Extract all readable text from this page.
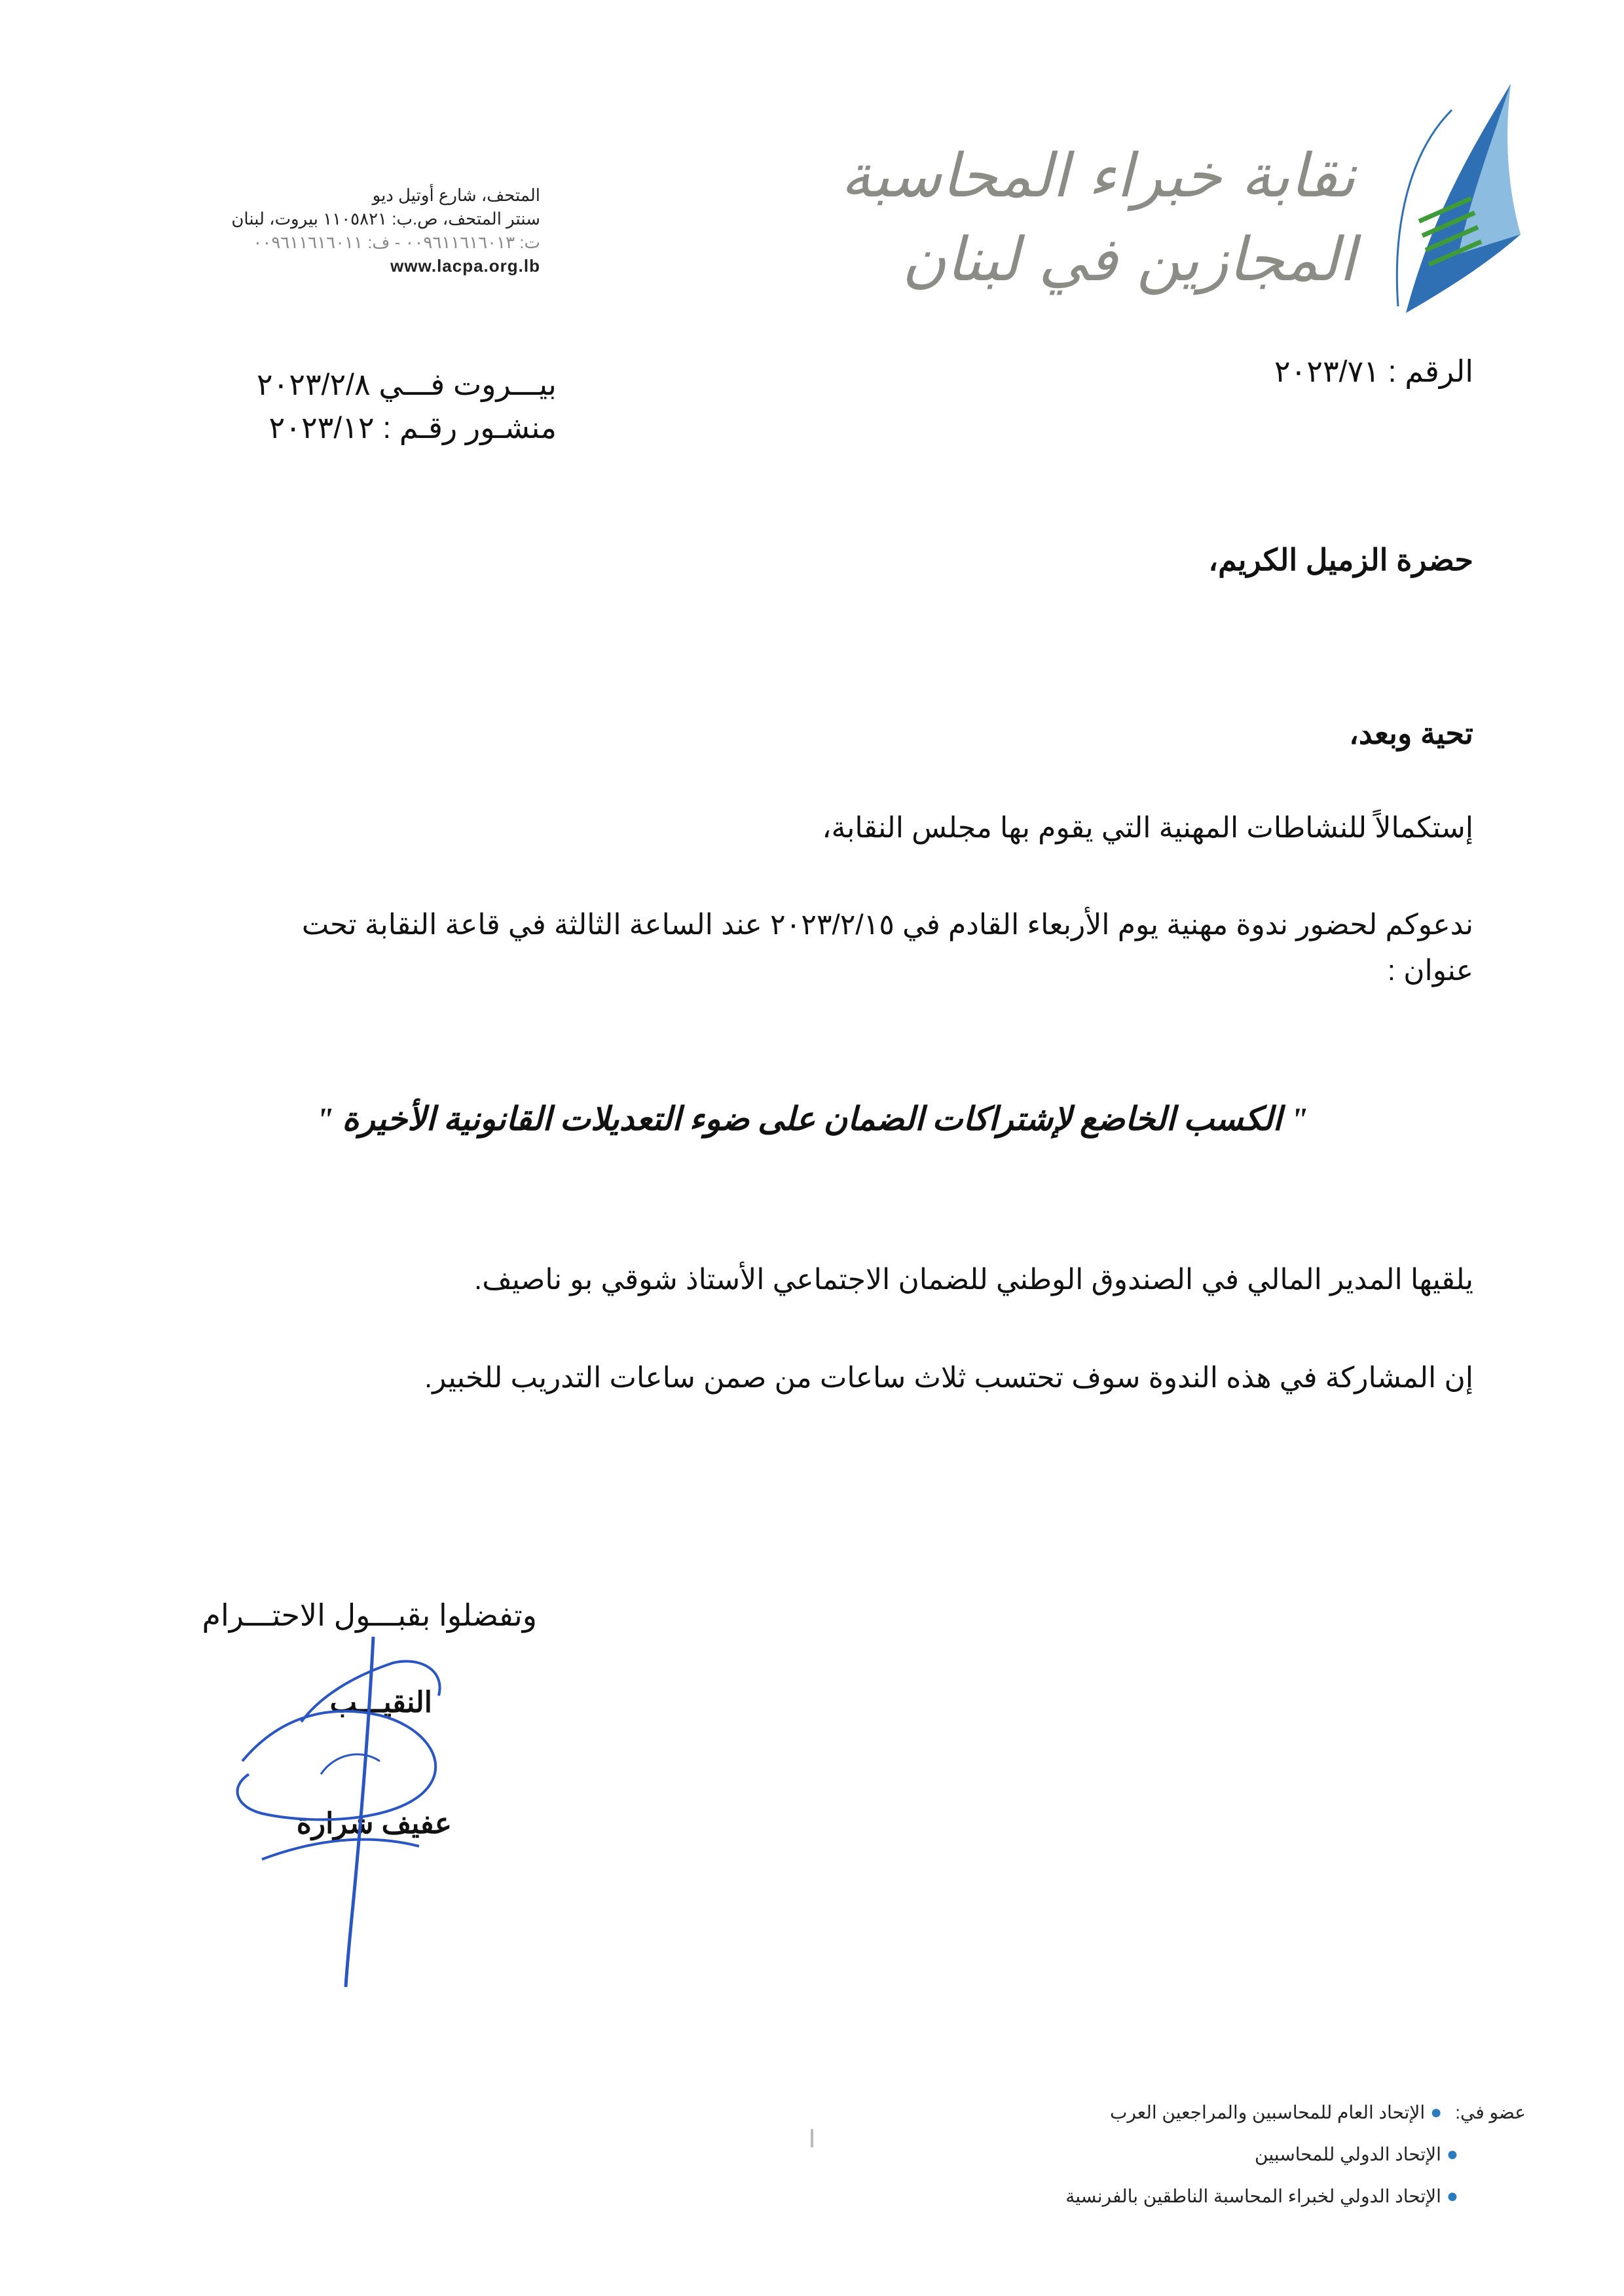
نقابة خبراء المحاسبة
المجازين في لبنان
المتحف، شارع أوتيل ديو
سنتر المتحف، ص.ب: ١١٠٥٨٢١ بيروت، لبنان
ت: ٠٠٩٦١١٦١٦٠١٣ - ف: ٠٠٩٦١١٦١٦٠١١
www.lacpa.org.lb
الرقم : ٢٠٢٣/٧١
بيـــروت فـــي ٢٠٢٣/٢/٨
منشـور رقـم : ٢٠٢٣/١٢
حضرة الزميل الكريم،
تحية وبعد،
إستكمالاً للنشاطات المهنية التي يقوم بها مجلس النقابة،
ندعوكم لحضور ندوة مهنية يوم الأربعاء القادم في ٢٠٢٣/٢/١٥ عند الساعة الثالثة في قاعة النقابة تحت
عنوان :
" الكسب الخاضع لإشتراكات الضمان على ضوء التعديلات القانونية الأخيرة "
يلقيها المدير المالي في الصندوق الوطني للضمان الاجتماعي الأستاذ شوقي بو ناصيف.
إن المشاركة في هذه الندوة سوف تحتسب ثلاث ساعات من صمن ساعات التدريب للخبير.
وتفضلوا بقبـــول الاحتـــرام
النقيـــب
عفيف شرارة
عضو في:●الإتحاد العام للمحاسبين والمراجعين العرب
●الإتحاد الدولي للمحاسبين
●الإتحاد الدولي لخبراء المحاسبة الناطقين بالفرنسية
